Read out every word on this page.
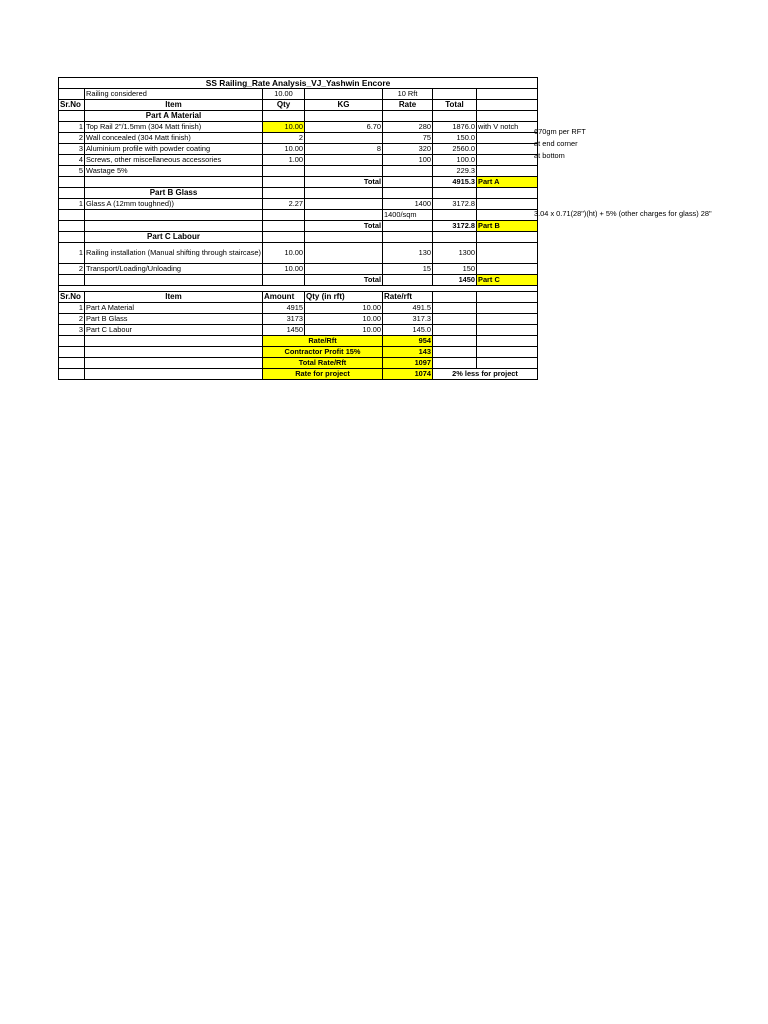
SS Railing_Rate Analysis_VJ_Yashwin Encore						
	Railing considered	10.00		10 Rft		
Sr.No	Item	Qty	KG	Rate	Total	
	Part A Material					
1	Top Rail 2"/1.5mm (304 Matt finish)	10.00	6.70	280	1876.0	with V notch
2	Wall concealed (304 Matt finish)	2		75	150.0	
3	Aluminium profile with powder coating	10.00	8	320	2560.0	
4	Screws, other miscellaneous accessories	1.00		100	100.0	
5	Wastage 5%				229.3	
			Total		4915.3	Part A
	Part B Glass					
1	Glass A (12mm toughned))	2.27		1400	3172.8	
				1400/sqm		
			Total		3172.8	Part B
	Part C Labour					
1	Railing installation (Manual shifting through staircase)	10.00		130	1300	
2	Transport/Loading/Unloading	10.00		15	150	
			Total		1450	Part C

Sr.No	Item	Amount	Qty (in rft)	Rate/rft		
1	Part A Material	4915	10.00	491.5		
2	Part B Glass	3173	10.00	317.3		
3	Part C Labour	1450	10.00	145.0		
		Rate/Rft		954		
		Contractor Profit 15%		143		
		Total Rate/Rft		1097		
		Rate for project		1074	2% less for project	
670gm per RFT
at end corner
at bottom
3.04 x 0.71(28")(ht) + 5% (other charges for glass) 28"
